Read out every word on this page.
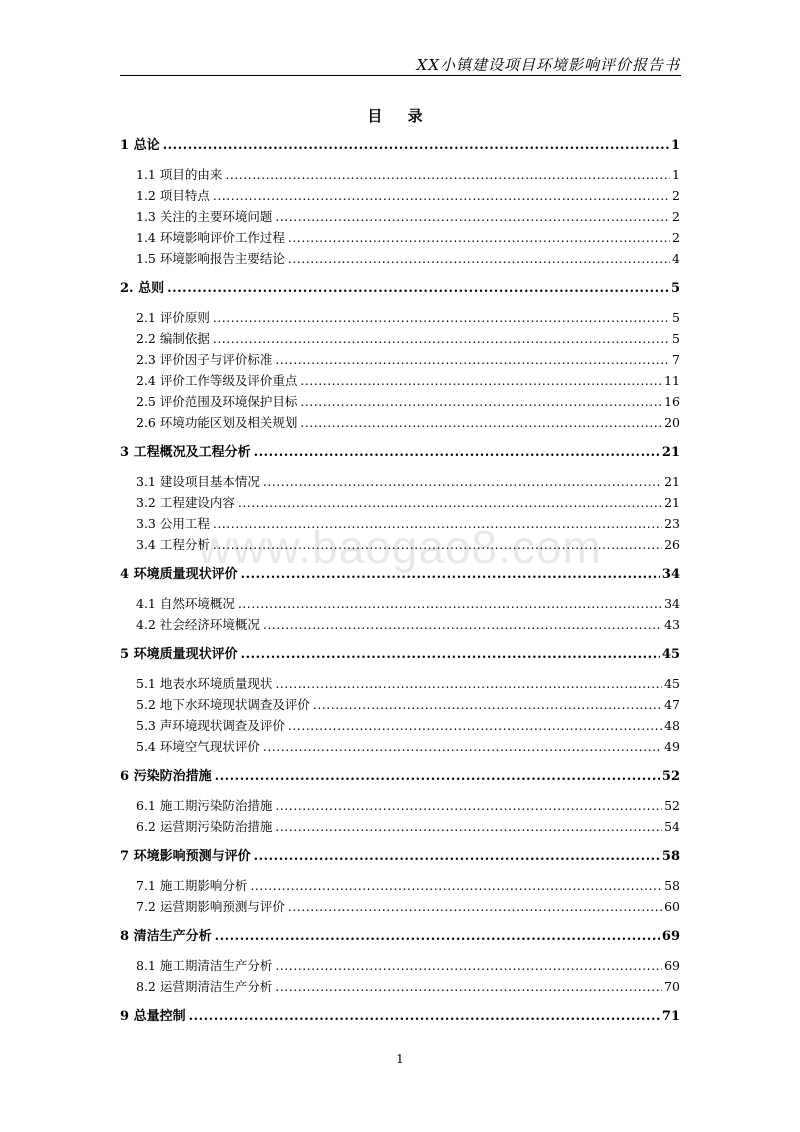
XX小镇建设项目环境影响评价报告书
目 录
1 总论 .....	1
1.1 项目的由来 .....	1
1.2 项目特点 .....	2
1.3 关注的主要环境问题 .....	2
1.4 环境影响评价工作过程 .....	2
1.5 环境影响报告主要结论 .....	4
2. 总则 .....	5
2.1 评价原则 .....	5
2.2 编制依据 .....	5
2.3 评价因子与评价标准 .....	7
2.4 评价工作等级及评价重点 .....	11
2.5 评价范围及环境保护目标 .....	16
2.6 环境功能区划及相关规划 .....	20
3 工程概况及工程分析 .....	21
3.1 建设项目基本情况 .....	21
3.2 工程建设内容 .....	21
3.3 公用工程 .....	23
3.4 工程分析 .....	26
4 环境质量现状评价 .....	34
4.1 自然环境概况 .....	34
4.2 社会经济环境概况 .....	43
5 环境质量现状评价 .....	45
5.1 地表水环境质量现状 .....	45
5.2 地下水环境现状调查及评价 .....	47
5.3 声环境现状调查及评价 .....	48
5.4 环境空气现状评价 .....	49
6 污染防治措施 .....	52
6.1 施工期污染防治措施 .....	52
6.2 运营期污染防治措施 .....	54
7 环境影响预测与评价 .....	58
7.1 施工期影响分析 .....	58
7.2 运营期影响预测与评价 .....	60
8 清洁生产分析 .....	69
8.1 施工期清洁生产分析 .....	69
8.2 运营期清洁生产分析 .....	70
9 总量控制 .....	71
www.baogao8.com
1
